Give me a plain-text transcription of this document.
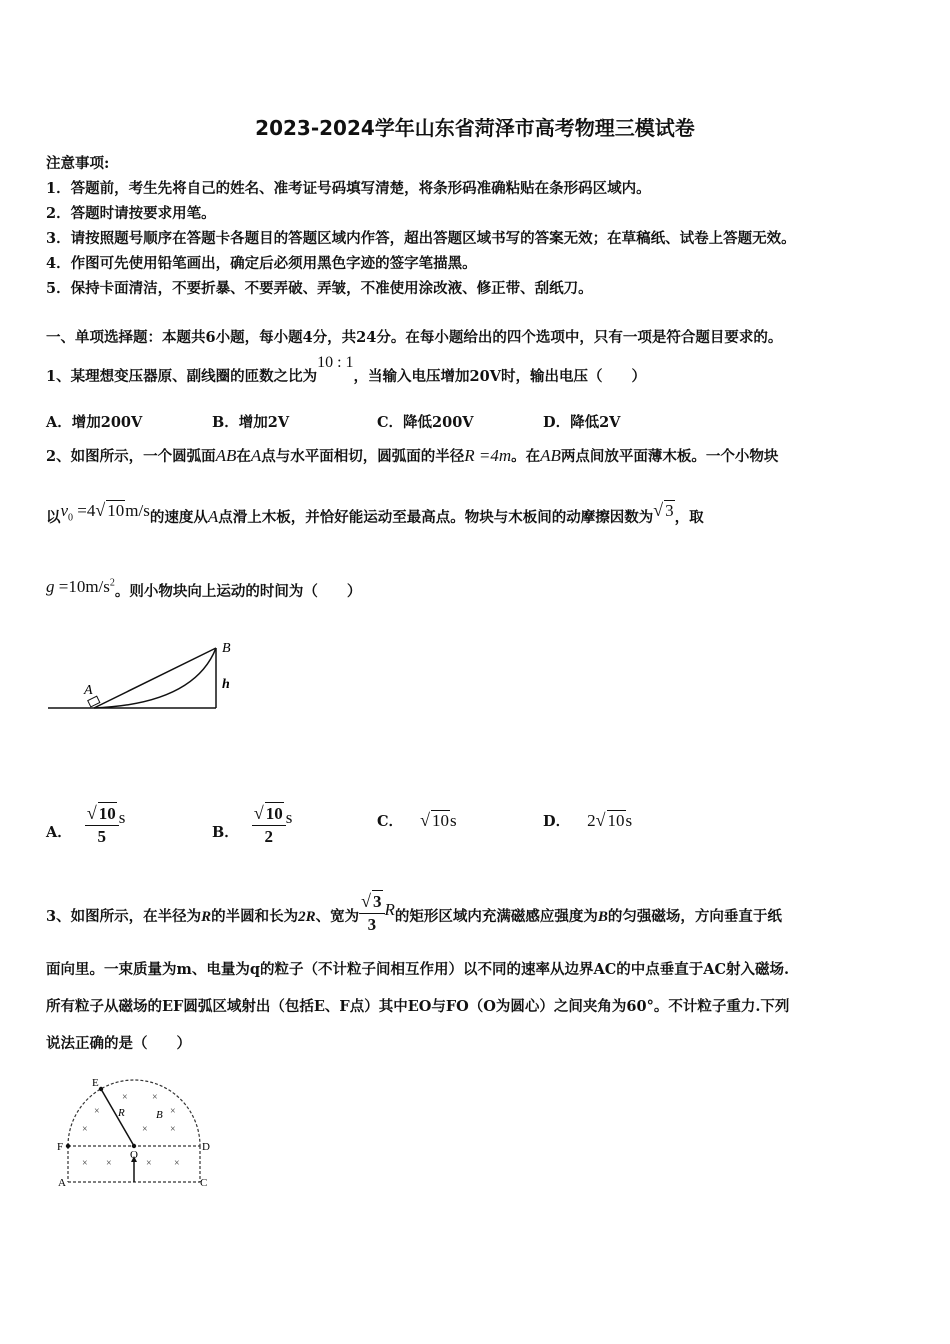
2023-2024学年山东省菏泽市高考物理三模试卷
注意事项:
1．答题前，考生先将自己的姓名、准考证号码填写清楚，将条形码准确粘贴在条形码区域内。
2．答题时请按要求用笔。
3．请按照题号顺序在答题卡各题目的答题区域内作答，超出答题区域书写的答案无效；在草稿纸、试卷上答题无效。
4．作图可先使用铅笔画出，确定后必须用黑色字迹的签字笔描黑。
5．保持卡面清洁，不要折暴、不要弄破、弄皱，不准使用涂改液、修正带、刮纸刀。
一、单项选择题：本题共6小题，每小题4分，共24分。在每小题给出的四个选项中，只有一项是符合题目要求的。
1、某理想变压器原、副线圈的匝数之比为10 : 1，当输入电压增加20V时，输出电压（　　）
A．增加200V	B．增加2V	C．降低200V	D．降低2V
2、如图所示，一个圆弧面AB在A点与水平面相切，圆弧面的半径R =4m。在AB两点间放平面薄木板。一个小物块
以$v_0 =4√$ 10m/s的速度从A点滑上木板，并恰好能运动至最高点。物块与木板间的动摩擦因数为√ 3，取
$g =10m/s^2$。则小物块向上运动的时间为（　　）
A
B
h
A． $\frac{√ 10}{5}$ s
B． $\frac{√ 10}{2}$ s	C． √ 10s	D． 2√ 10s
3、如图所示，在半径为R的半圆和长为2R、宽为 $\frac{√ 3}{3}$ R的矩形区域内充满磁感应强度为B的匀强磁场，方向垂直于纸
面向里。一束质量为m、电量为q的粒子（不计粒子间相互作用）以不同的速率从边界AC的中点垂直于AC射入磁场.
所有粒子从磁场的EF圆弧区域射出（包括E、F点）其中EO与FO（O为圆心）之间夹角为60°。不计粒子重力.下列
说法正确的是（　　）
× ×
×
×
×	× ×
× ×	× ×
E
F	D
O
A	C
R	B
